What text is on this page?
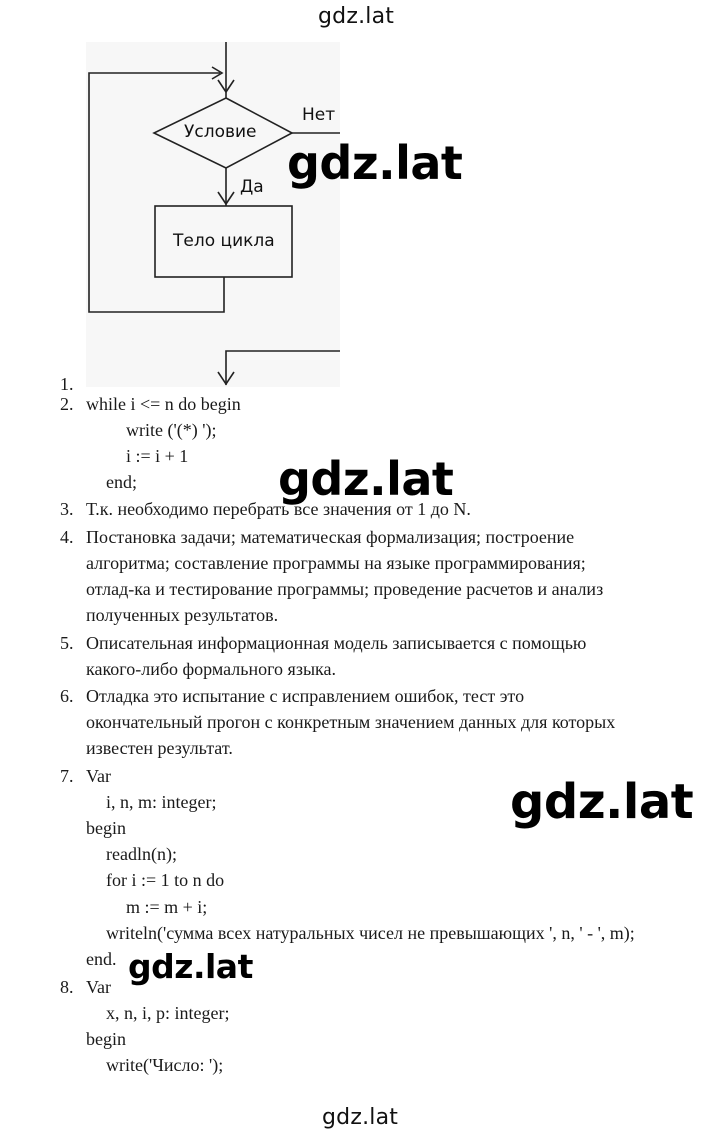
gdz.lat
gdz.lat
Условие
Да
Нет
Тело цикла
1.
2. while i <= n do begin
write ('(*) ');
i := i + 1
end;
3. Т.к. необходимо перебрать все значения от 1 до N.
4. Постановка задачи; математическая формализация; построение
алгоритма; составление программы на языке программирования;
отлад-ка и тестирование программы; проведение расчетов и анализ
полученных результатов.
5. Описательная информационная модель записывается с помощью
какого-либо формального языка.
6. Отладка это испытание с исправлением ошибок, тест это
окончательный прогон с конкретным значением данных для которых
известен результат.
7. Var
i, n, m: integer;
begin
readln(n);
for i := 1 to n do
m := m + i;
writeln('сумма всех натуральных чисел не превышающих ', n, ' - ', m);
end.
8. Var
x, n, i, p: integer;
begin
write('Число: ');
gdz.lat
gdz.lat
gdz.lat
gdz.lat
